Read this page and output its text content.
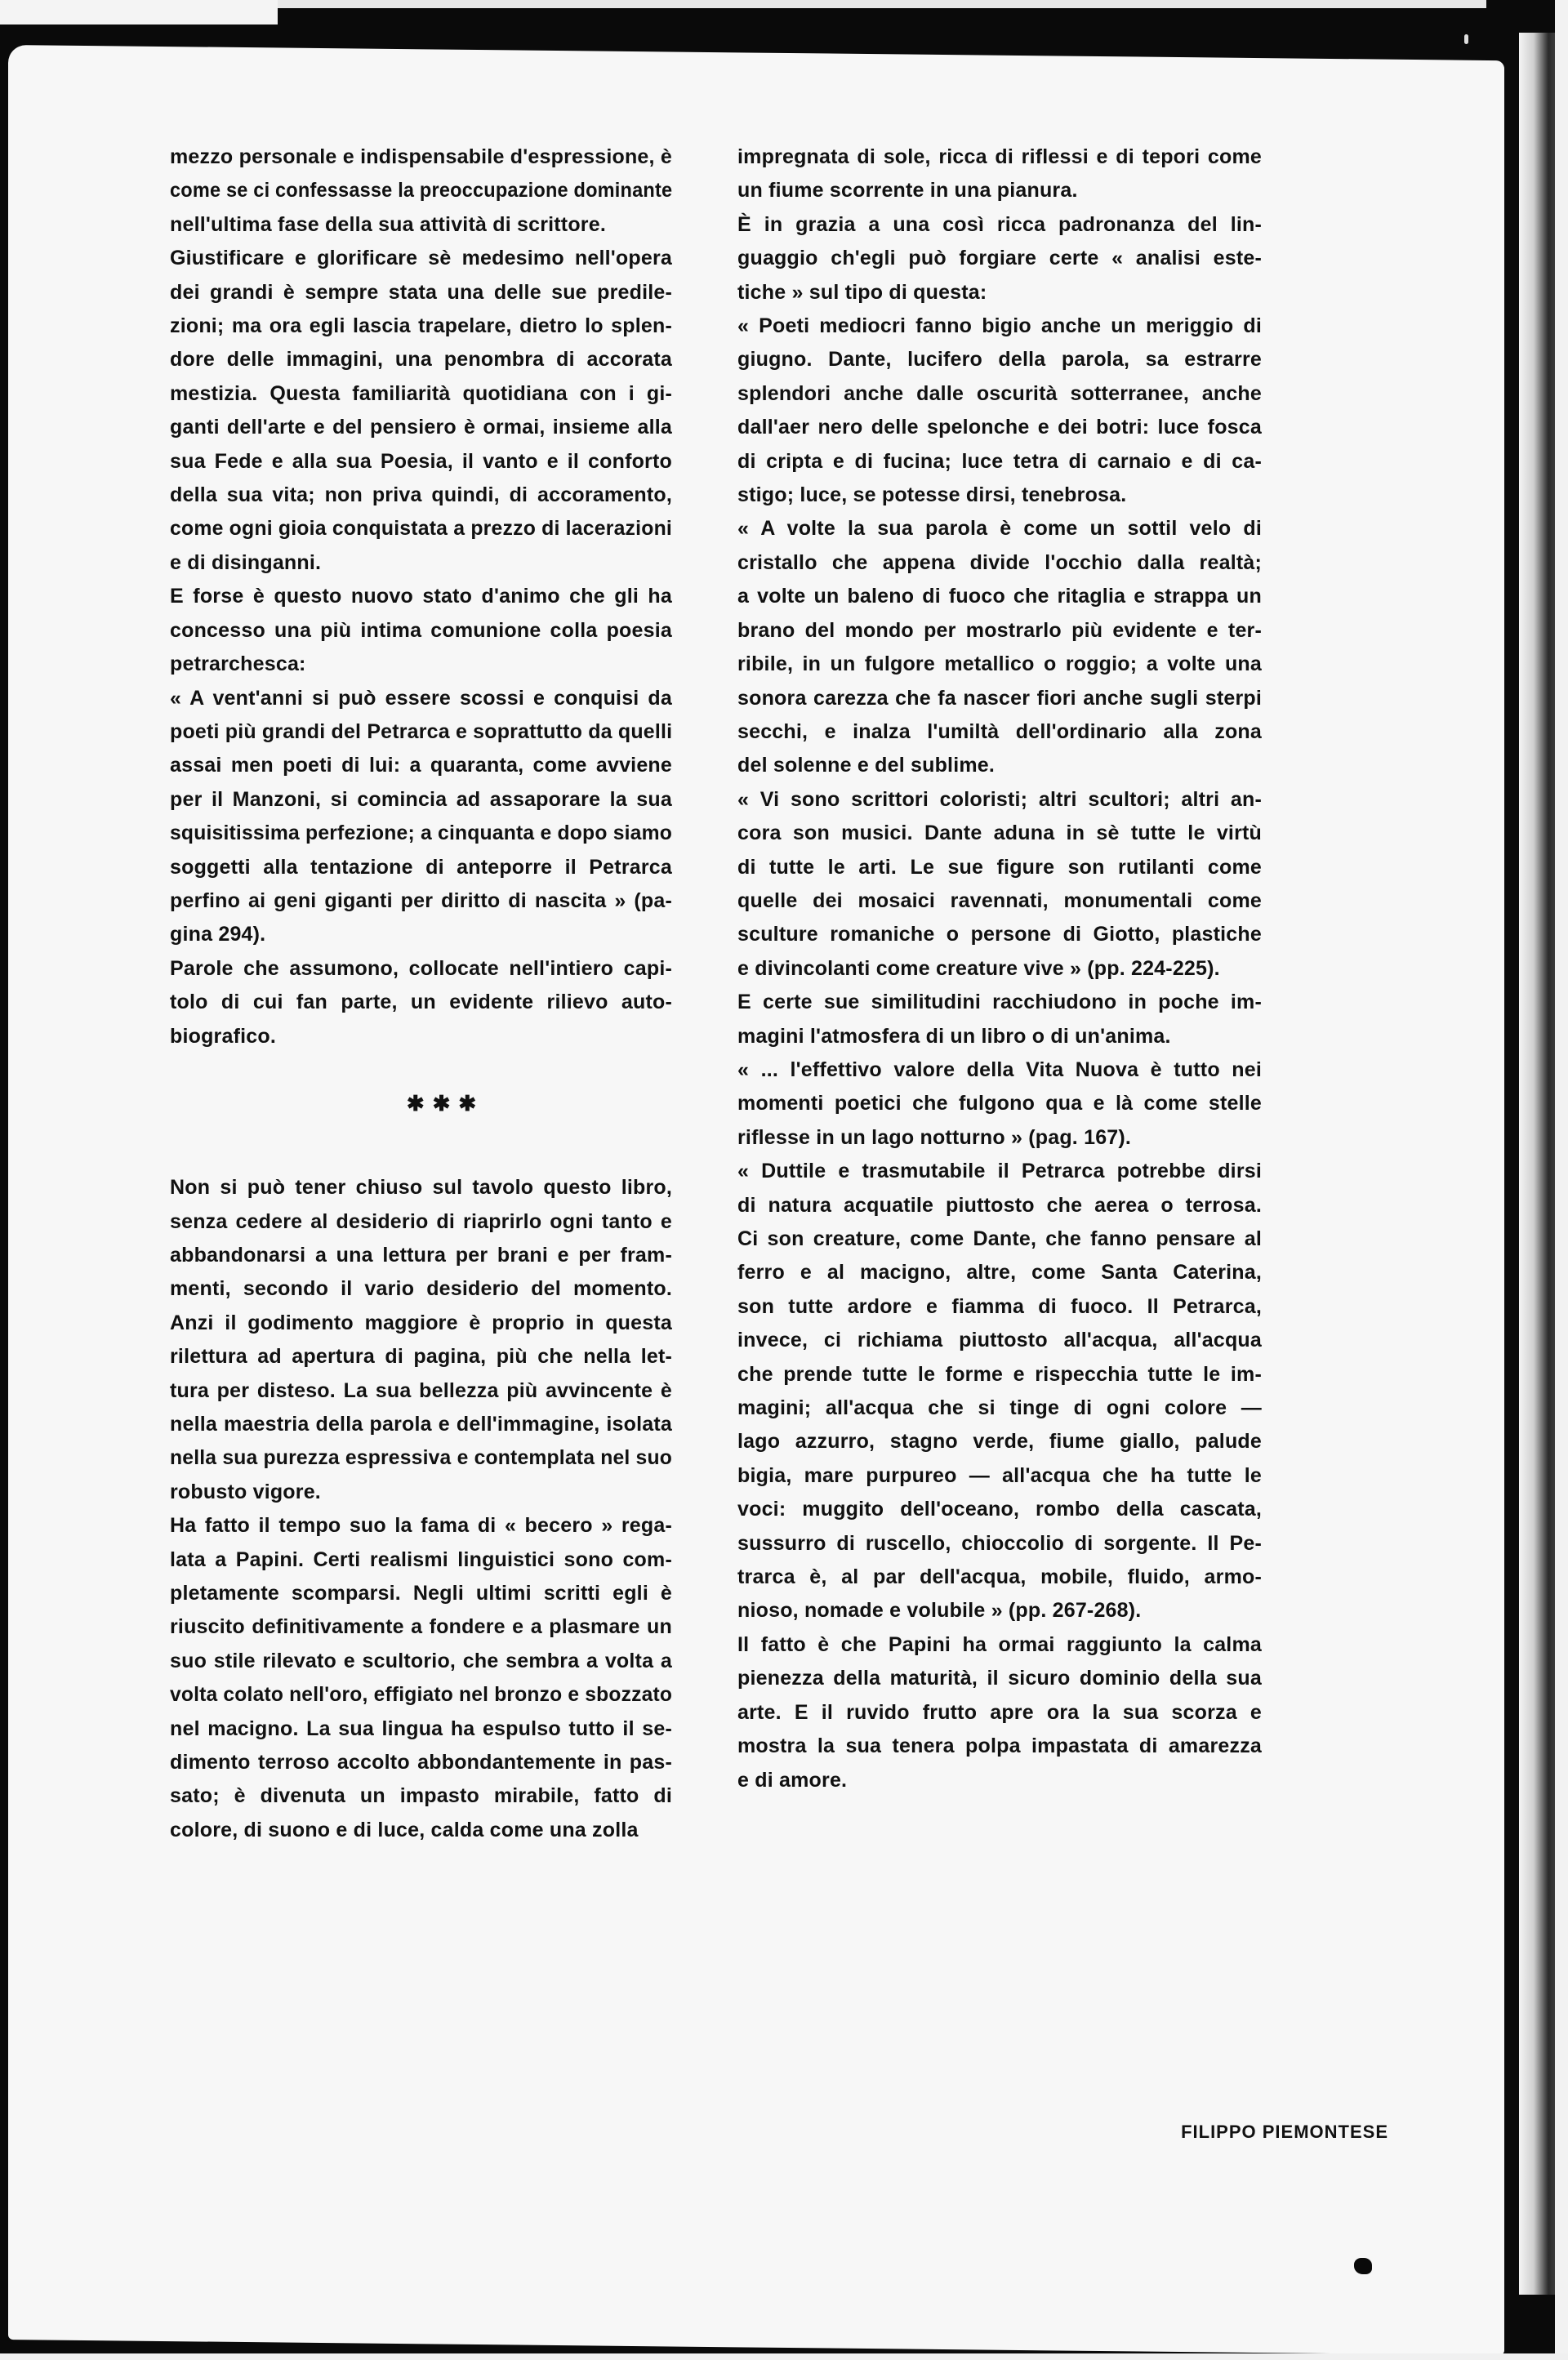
mezzo personale e indispensabile d'espressione, è
come se ci confessasse la preoccupazione dominante
nell'ultima fase della sua attività di scrittore.
Giustificare e glorificare sè medesimo nell'opera
dei grandi è sempre stata una delle sue predile-
zioni; ma ora egli lascia trapelare, dietro lo splen-
dore delle immagini, una penombra di accorata
mestizia. Questa familiarità quotidiana con i gi-
ganti dell'arte e del pensiero è ormai, insieme alla
sua Fede e alla sua Poesia, il vanto e il conforto
della sua vita; non priva quindi, di accoramento,
come ogni gioia conquistata a prezzo di lacerazioni
e di disinganni.
E forse è questo nuovo stato d'animo che gli ha
concesso una più intima comunione colla poesia
petrarchesca:
« A vent'anni si può essere scossi e conquisi da
poeti più grandi del Petrarca e soprattutto da quelli
assai men poeti di lui: a quaranta, come avviene
per il Manzoni, si comincia ad assaporare la sua
squisitissima perfezione; a cinquanta e dopo siamo
soggetti alla tentazione di anteporre il Petrarca
perfino ai geni giganti per diritto di nascita » (pa-
gina 294).
Parole che assumono, collocate nell'intiero capi-
tolo di cui fan parte, un evidente rilievo auto-
biografico.
✱✱✱
Non si può tener chiuso sul tavolo questo libro,
senza cedere al desiderio di riaprirlo ogni tanto e
abbandonarsi a una lettura per brani e per fram-
menti, secondo il vario desiderio del momento.
Anzi il godimento maggiore è proprio in questa
rilettura ad apertura di pagina, più che nella let-
tura per disteso. La sua bellezza più avvincente è
nella maestria della parola e dell'immagine, isolata
nella sua purezza espressiva e contemplata nel suo
robusto vigore.
Ha fatto il tempo suo la fama di « becero » rega-
lata a Papini. Certi realismi linguistici sono com-
pletamente scomparsi. Negli ultimi scritti egli è
riuscito definitivamente a fondere e a plasmare un
suo stile rilevato e scultorio, che sembra a volta a
volta colato nell'oro, effigiato nel bronzo e sbozzato
nel macigno. La sua lingua ha espulso tutto il se-
dimento terroso accolto abbondantemente in pas-
sato; è divenuta un impasto mirabile, fatto di
colore, di suono e di luce, calda come una zolla
impregnata di sole, ricca di riflessi e di tepori come
un fiume scorrente in una pianura.
È in grazia a una così ricca padronanza del lin-
guaggio ch'egli può forgiare certe « analisi este-
tiche » sul tipo di questa:
« Poeti mediocri fanno bigio anche un meriggio di
giugno. Dante, lucifero della parola, sa estrarre
splendori anche dalle oscurità sotterranee, anche
dall'aer nero delle spelonche e dei botri: luce fosca
di cripta e di fucina; luce tetra di carnaio e di ca-
stigo; luce, se potesse dirsi, tenebrosa.
« A volte la sua parola è come un sottil velo di
cristallo che appena divide l'occhio dalla realtà;
a volte un baleno di fuoco che ritaglia e strappa un
brano del mondo per mostrarlo più evidente e ter-
ribile, in un fulgore metallico o roggio; a volte una
sonora carezza che fa nascer fiori anche sugli sterpi
secchi, e inalza l'umiltà dell'ordinario alla zona
del solenne e del sublime.
« Vi sono scrittori coloristi; altri scultori; altri an-
cora son musici. Dante aduna in sè tutte le virtù
di tutte le arti. Le sue figure son rutilanti come
quelle dei mosaici ravennati, monumentali come
sculture romaniche o persone di Giotto, plastiche
e divincolanti come creature vive » (pp. 224-225).
E certe sue similitudini racchiudono in poche im-
magini l'atmosfera di un libro o di un'anima.
« ... l'effettivo valore della Vita Nuova è tutto nei
momenti poetici che fulgono qua e là come stelle
riflesse in un lago notturno » (pag. 167).
« Duttile e trasmutabile il Petrarca potrebbe dirsi
di natura acquatile piuttosto che aerea o terrosa.
Ci son creature, come Dante, che fanno pensare al
ferro e al macigno, altre, come Santa Caterina,
son tutte ardore e fiamma di fuoco. Il Petrarca,
invece, ci richiama piuttosto all'acqua, all'acqua
che prende tutte le forme e rispecchia tutte le im-
magini; all'acqua che si tinge di ogni colore —
lago azzurro, stagno verde, fiume giallo, palude
bigia, mare purpureo — all'acqua che ha tutte le
voci: muggito dell'oceano, rombo della cascata,
sussurro di ruscello, chioccolio di sorgente. Il Pe-
trarca è, al par dell'acqua, mobile, fluido, armo-
nioso, nomade e volubile » (pp. 267-268).
Il fatto è che Papini ha ormai raggiunto la calma
pienezza della maturità, il sicuro dominio della sua
arte. E il ruvido frutto apre ora la sua scorza e
mostra la sua tenera polpa impastata di amarezza
e di amore.
FILIPPO PIEMONTESE
